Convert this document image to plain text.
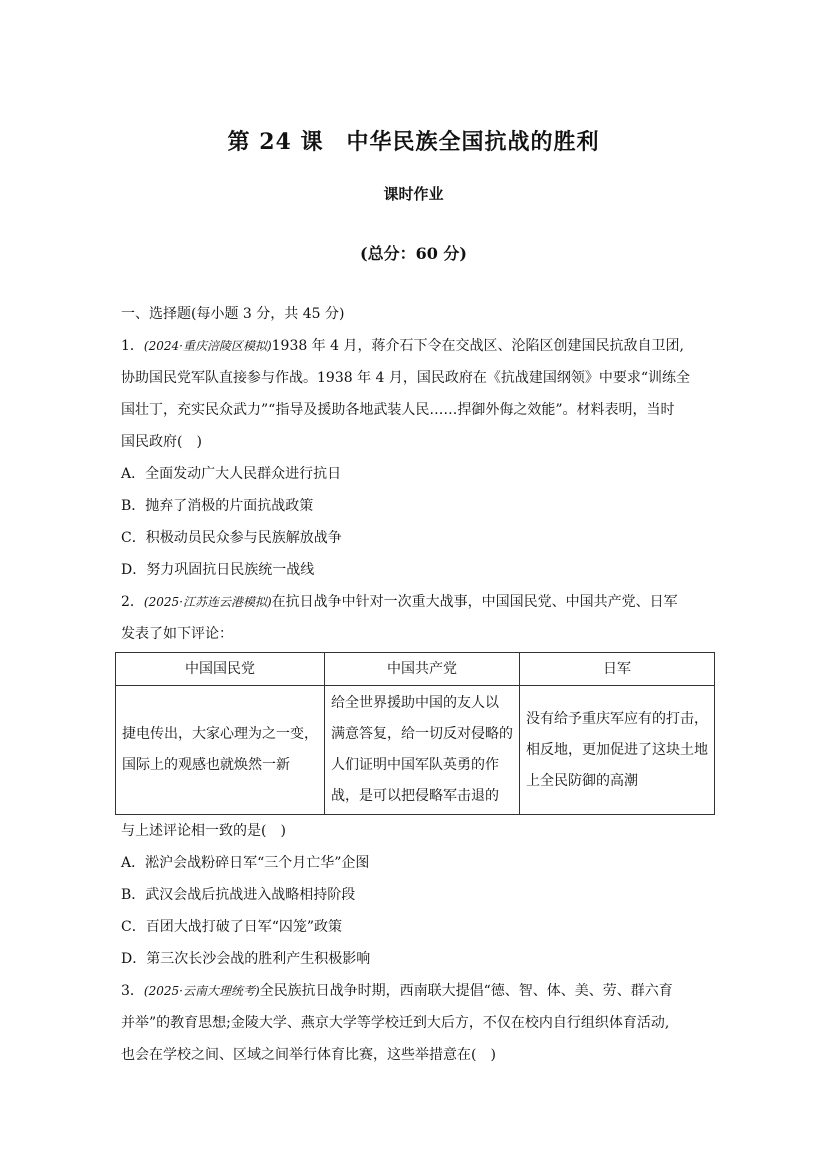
第 24 课　中华民族全国抗战的胜利
课时作业
(总分：60 分)
一、选择题(每小题 3 分，共 45 分)
1．(2024·重庆涪陵区模拟)1938 年 4 月，蒋介石下令在交战区、沦陷区创建国民抗敌自卫团,
协助国民党军队直接参与作战。1938 年 4 月，国民政府在《抗战建国纲领》中要求“训练全
国壮丁，充实民众武力”“指导及援助各地武装人民……捍御外侮之效能”。材料表明，当时
国民政府(　)
A．全面发动广大人民群众进行抗日
B．抛弃了消极的片面抗战政策
C．积极动员民众参与民族解放战争
D．努力巩固抗日民族统一战线
2．(2025·江苏连云港模拟)在抗日战争中针对一次重大战事，中国国民党、中国共产党、日军
发表了如下评论：
中国国民党	中国共产党	日军

捷电传出，大家心理为之一变，
国际上的观感也就焕然一新	给全世界援助中国的友人以
满意答复，给一切反对侵略的
人们证明中国军队英勇的作
战，是可以把侵略军击退的	没有给予重庆军应有的打击，
相反地，更加促进了这块土地
上全民防御的高潮
与上述评论相一致的是(　)
A．淞沪会战粉碎日军“三个月亡华”企图
B．武汉会战后抗战进入战略相持阶段
C．百团大战打破了日军“囚笼”政策
D．第三次长沙会战的胜利产生积极影响
3．(2025·云南大理统考)全民族抗日战争时期，西南联大提倡“德、智、体、美、劳、群六育
并举”的教育思想;金陵大学、燕京大学等学校迁到大后方，不仅在校内自行组织体育活动,
也会在学校之间、区域之间举行体育比赛，这些举措意在(　)
